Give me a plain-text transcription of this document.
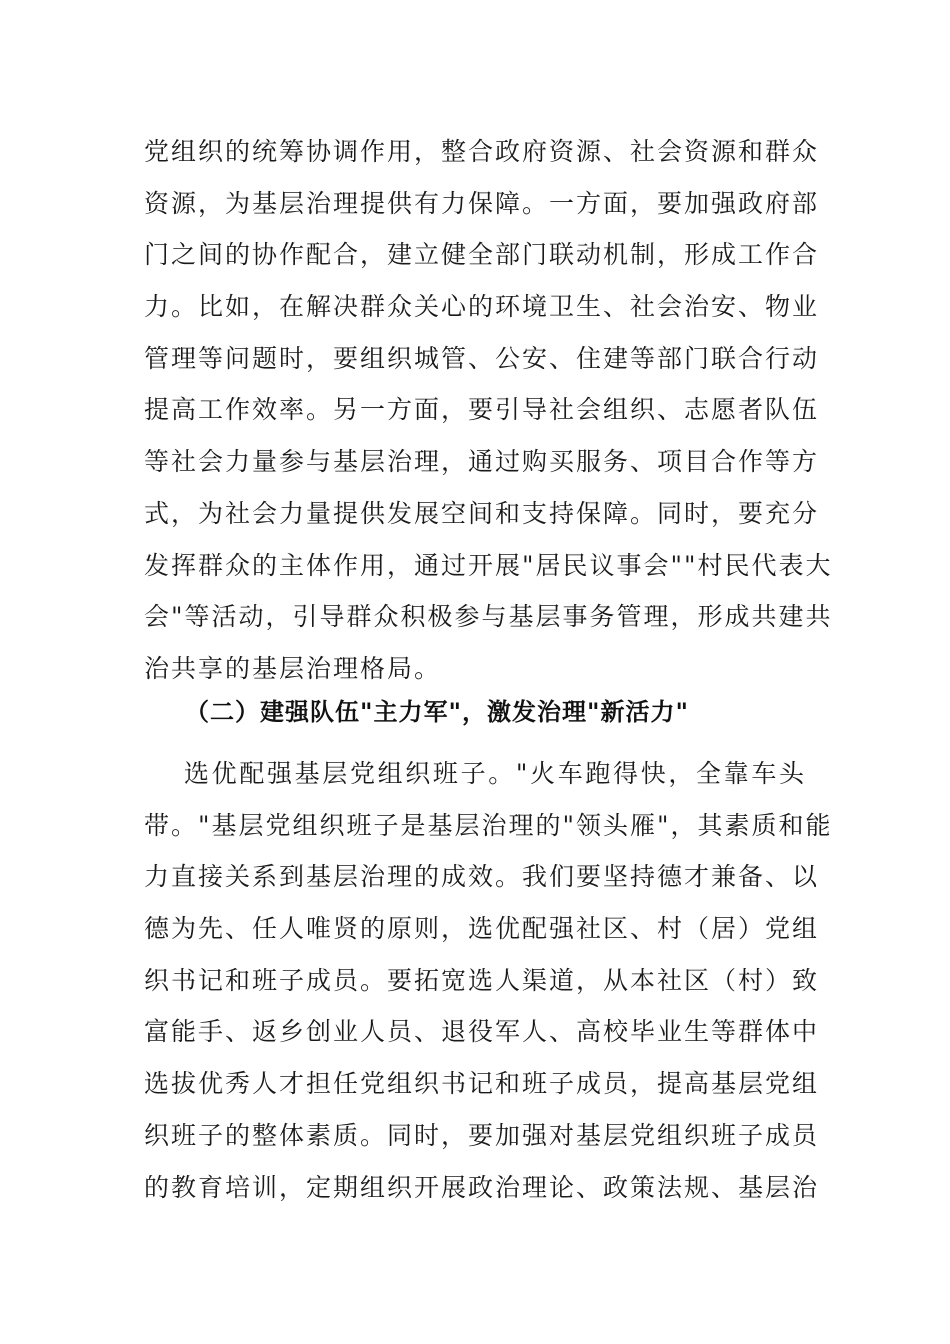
党组织的统筹协调作用，整合政府资源、社会资源和群众
资源，为基层治理提供有力保障。一方面，要加强政府部
门之间的协作配合，建立健全部门联动机制，形成工作合
力。比如，在解决群众关心的环境卫生、社会治安、物业
管理等问题时，要组织城管、公安、住建等部门联合行动
提高工作效率。另一方面，要引导社会组织、志愿者队伍
等社会力量参与基层治理，通过购买服务、项目合作等方
式，为社会力量提供发展空间和支持保障。同时，要充分
发挥群众的主体作用，通过开展"居民议事会""村民代表大
会"等活动，引导群众积极参与基层事务管理，形成共建共
治共享的基层治理格局。
（二）建强队伍"主力军"，激发治理"新活力"
选优配强基层党组织班子。"火车跑得快，全靠车头
带。"基层党组织班子是基层治理的"领头雁"，其素质和能
力直接关系到基层治理的成效。我们要坚持德才兼备、以
德为先、任人唯贤的原则，选优配强社区、村（居）党组
织书记和班子成员。要拓宽选人渠道，从本社区（村）致
富能手、返乡创业人员、退役军人、高校毕业生等群体中
选拔优秀人才担任党组织书记和班子成员，提高基层党组
织班子的整体素质。同时，要加强对基层党组织班子成员
的教育培训，定期组织开展政治理论、政策法规、基层治
